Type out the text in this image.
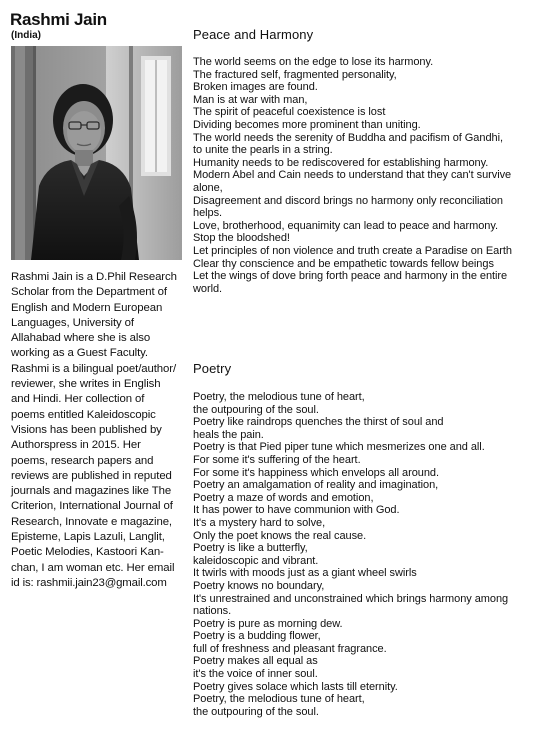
Rashmi Jain
(India)
Rashmi Jain is a D.Phil Research
Scholar from the Department of
English and Modern European
Languages, University of
Allahabad where she is also
working as a Guest Faculty.
Rashmi is a bilingual poet/author/
reviewer, she writes in English
and Hindi. Her collection of
poems entitled Kaleidoscopic
Visions has been published by
Authorspress in 2015. Her
poems, research papers and
reviews are published in reputed
journals and magazines like The
Criterion, International Journal of
Research, Innovate e magazine,
Episteme, Lapis Lazuli, Langlit,
Poetic Melodies, Kastoori Kan-
chan, I am woman etc. Her email
id is: rashmii.jain23@gmail.com
Peace and Harmony
The world seems on the edge to lose its harmony.
The fractured self, fragmented personality,
Broken images are found.
Man is at war with man,
The spirit of peaceful coexistence is lost
Dividing becomes more prominent than uniting.
The world needs the serenity of Buddha and pacifism of Gandhi,
to unite the pearls in a string.
Humanity needs to be rediscovered for establishing harmony.
Modern Abel and Cain needs to understand that they can't survive
alone,
Disagreement and discord brings no harmony only reconciliation
helps.
Love, brotherhood, equanimity can lead to peace and harmony.
Stop the bloodshed!
Let principles of non violence and truth create a Paradise on Earth
Clear thy conscience and be empathetic towards fellow beings
Let the wings of dove bring forth peace and harmony in the entire
world.
Poetry
Poetry, the melodious tune of heart,
the outpouring of the soul.
Poetry like raindrops quenches the thirst of soul and
heals the pain.
Poetry is that Pied piper tune which mesmerizes one and all.
For some it's suffering of the heart.
For some it's happiness which envelops all around.
Poetry an amalgamation of reality and imagination,
Poetry a maze of words and emotion,
It has power to have communion with God.
It's a mystery hard to solve,
Only the poet knows the real cause.
Poetry is like a butterfly,
kaleidoscopic and vibrant.
It twirls with moods just as a giant wheel swirls
Poetry knows no boundary,
It's unrestrained and unconstrained which brings harmony among
nations.
Poetry is pure as morning dew.
Poetry is a budding flower,
full of freshness and pleasant fragrance.
Poetry makes all equal as
it's the voice of inner soul.
Poetry gives solace which lasts till eternity.
Poetry, the melodious tune of heart,
the outpouring of the soul.
